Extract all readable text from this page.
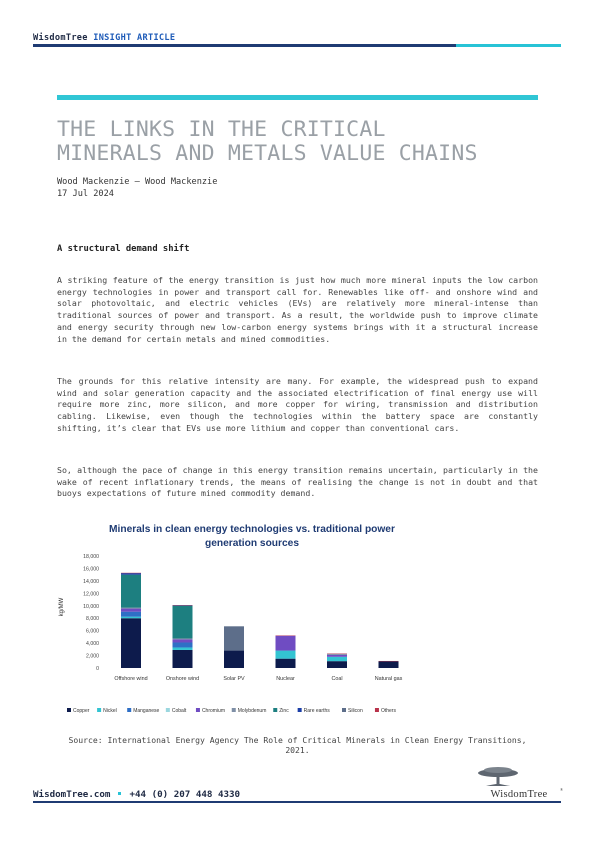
WisdomTree INSIGHT ARTICLE
THE LINKS IN THE CRITICAL
MINERALS AND METALS VALUE CHAINS
Wood Mackenzie – Wood Mackenzie
17 Jul 2024
A structural demand shift
A striking feature of the energy transition is just how much more mineral inputs the low carbon energy technologies in power and transport call for. Renewables like off- and onshore wind and solar photovoltaic, and electric vehicles (EVs) are relatively more mineral-intense than traditional sources of power and transport. As a result, the worldwide push to improve climate and energy security through new low-carbon energy systems brings with it a structural increase in the demand for certain metals and mined commodities.
The grounds for this relative intensity are many. For example, the widespread push to expand wind and solar generation capacity and the associated electrification of final energy use will require more zinc, more silicon, and more copper for wiring, transmission and distribution cabling. Likewise, even though the technologies within the battery space are constantly shifting, it’s clear that EVs use more lithium and copper than conventional cars.
So, although the pace of change in this energy transition remains uncertain, particularly in the wake of recent inflationary trends, the means of realising the change is not in doubt and that buoys expectations of future mined commodity demand.
Minerals in clean energy technologies vs. traditional power
generation sources
kg/MW
0
2,000
4,000
6,000
8,000
10,000
12,000
14,000
16,000
18,000
Offshore wind	Onshore wind	Solar PV	Nuclear	Coal	Natural gas
Copper	Nickel	Manganese	Cobalt	Chromium	Molybdenum	Zinc	Rare earths	Silicon	Others
Source: International Energy Agency The Role of Critical Minerals in Clean Energy Transitions, 2021.
WisdomTree	®
WisdomTree.com +44 (0) 207 448 4330
